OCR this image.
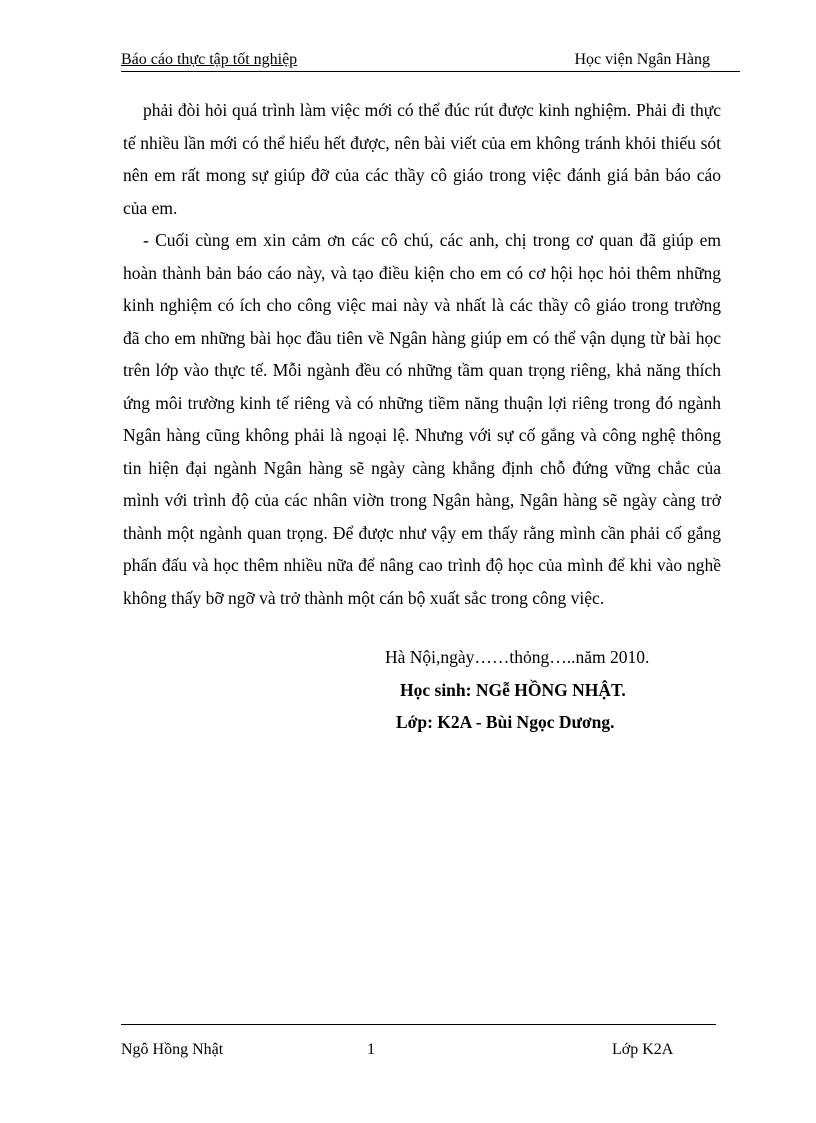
Báo cáo thực tập tốt nghiệp	Học viện Ngân Hàng

phải đòi hỏi quá trình làm việc mới có thể đúc rút được kinh nghiệm. Phải đi thực tế nhiều lần mới có thể hiểu hết được, nên bài viết của em không tránh khỏi thiếu sót nên em rất mong sự giúp đỡ của các thầy cô giáo trong việc đánh giá bản báo cáo của em.

- Cuối cùng em xin cảm ơn các cô chú, các anh, chị trong cơ quan đã giúp em hoàn thành bản báo cáo này, và tạo điều kiện cho em có cơ hội học hỏi thêm những kinh nghiệm có ích cho công việc mai này và nhất là các thầy cô giáo trong trường đã cho em những bài học đầu tiên về Ngân hàng giúp em có thể vận dụng từ bài học trên lớp vào thực tế. Mỗi ngành đều có những tầm quan trọng riêng, khả năng thích ứng môi trường kinh tế riêng và có những tiềm năng thuận lợi riêng trong đó ngành Ngân hàng cũng không phải là ngoại lệ. Nhưng với sự cố gắng và công nghệ thông tin hiện đại ngành Ngân hàng sẽ ngày càng khẳng định chỗ đứng vững chắc của mình với trình độ của các nhân viờn trong Ngân hàng, Ngân hàng sẽ ngày càng trở thành một ngành quan trọng. Để được như vậy em thấy rằng mình cần phải cố gắng phấn đấu và học thêm nhiều nữa để nâng cao trình độ học của mình để khi vào nghề không thấy bỡ ngỡ và trở thành một cán bộ xuất sắc trong công việc.

Hà Nội,ngày……thỏng…..năm 2010.
Học sinh: NGễ HỒNG NHẬT.
Lớp: K2A - Bùi Ngọc Dương.
Ngô Hồng Nhật	1	Lớp K2A
